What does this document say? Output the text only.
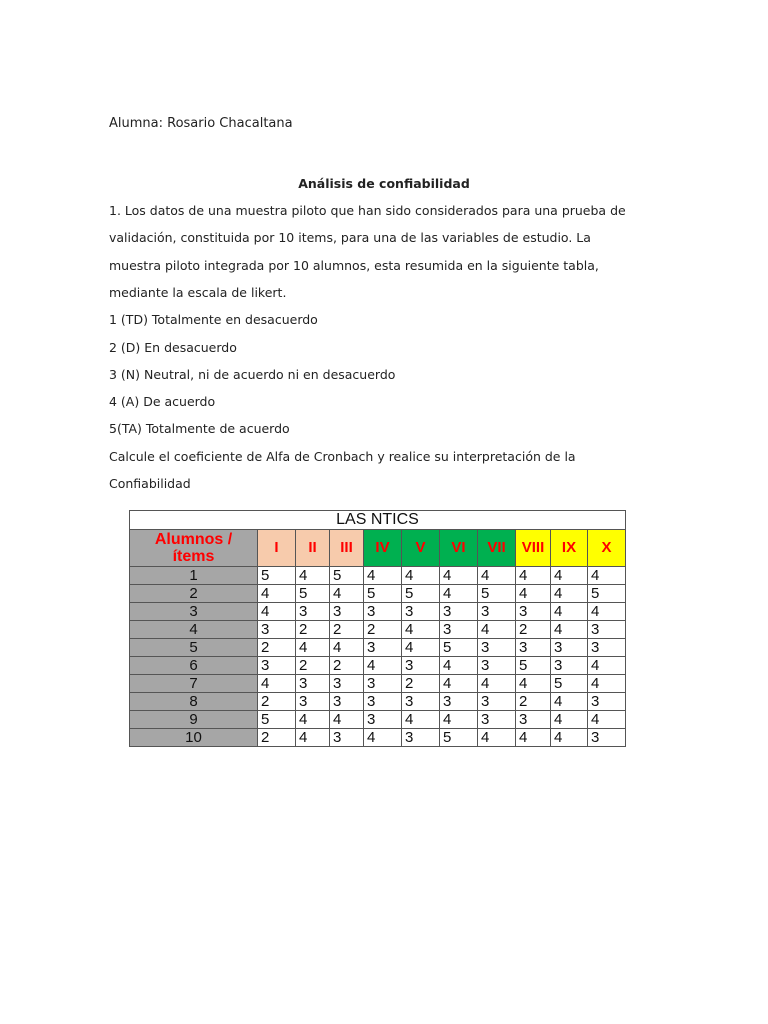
Alumna: Rosario Chacaltana
Análisis de confiabilidad
1. Los datos de una muestra piloto que han sido considerados para una prueba de
validación, constituida por 10 items, para una de las variables de estudio. La
muestra piloto integrada por 10 alumnos, esta resumida en la siguiente tabla,
mediante la escala de likert.
1 (TD) Totalmente en desacuerdo
2 (D) En desacuerdo
3 (N) Neutral, ni de acuerdo ni en desacuerdo
4 (A) De acuerdo
5(TA) Totalmente de acuerdo
Calcule el coeficiente de Alfa de Cronbach y realice su interpretación de la
Confiabilidad
LAS NTICS										

Alumnos /
ítems	I	II	III	IV	V	VI	VII	VIII	IX	X
1	5	4	5	4	4	4	4	4	4	4
2	4	5	4	5	5	4	5	4	4	5
3	4	3	3	3	3	3	3	3	4	4
4	3	2	2	2	4	3	4	2	4	3
5	2	4	4	3	4	5	3	3	3	3
6	3	2	2	4	3	4	3	5	3	4
7	4	3	3	3	2	4	4	4	5	4
8	2	3	3	3	3	3	3	2	4	3
9	5	4	4	3	4	4	3	3	4	4
10	2	4	3	4	3	5	4	4	4	3
